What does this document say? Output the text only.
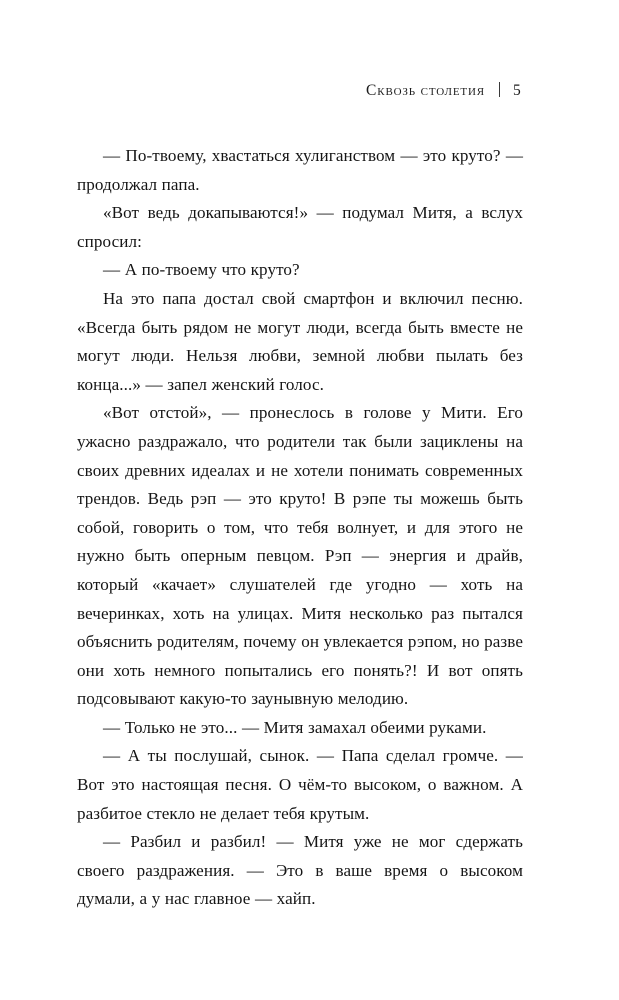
Сквозь столетия 5

— По-твоему, хвастаться хулиганством — это круто? — продолжал папа.

«Вот ведь докапываются!» — подумал Митя, а вслух спросил:

— А по-твоему что круто?

На это папа достал свой смартфон и включил песню. «Всегда быть рядом не могут люди, всегда быть вместе не могут люди. Нельзя любви, земной любви пылать без конца...» — запел женский голос.

«Вот отстой», — пронеслось в голове у Мити. Его ужасно раздражало, что родители так были зациклены на своих древних идеалах и не хотели понимать современных трендов. Ведь рэп — это круто! В рэпе ты можешь быть собой, говорить о том, что тебя волнует, и для этого не нужно быть оперным певцом. Рэп — энергия и драйв, который «качает» слушателей где угодно — хоть на вечеринках, хоть на улицах. Митя несколько раз пытался объяснить родителям, почему он увлекается рэпом, но разве они хоть немного попытались его понять?! И вот опять подсовывают какую-то заунывную мелодию.

— Только не это... — Митя замахал обеими руками.

— А ты послушай, сынок. — Папа сделал громче. — Вот это настоящая песня. О чём-то высоком, о важном. А разбитое стекло не делает тебя крутым.

— Разбил и разбил! — Митя уже не мог сдержать своего раздражения. — Это в ваше время о высоком думали, а у нас главное — хайп.
